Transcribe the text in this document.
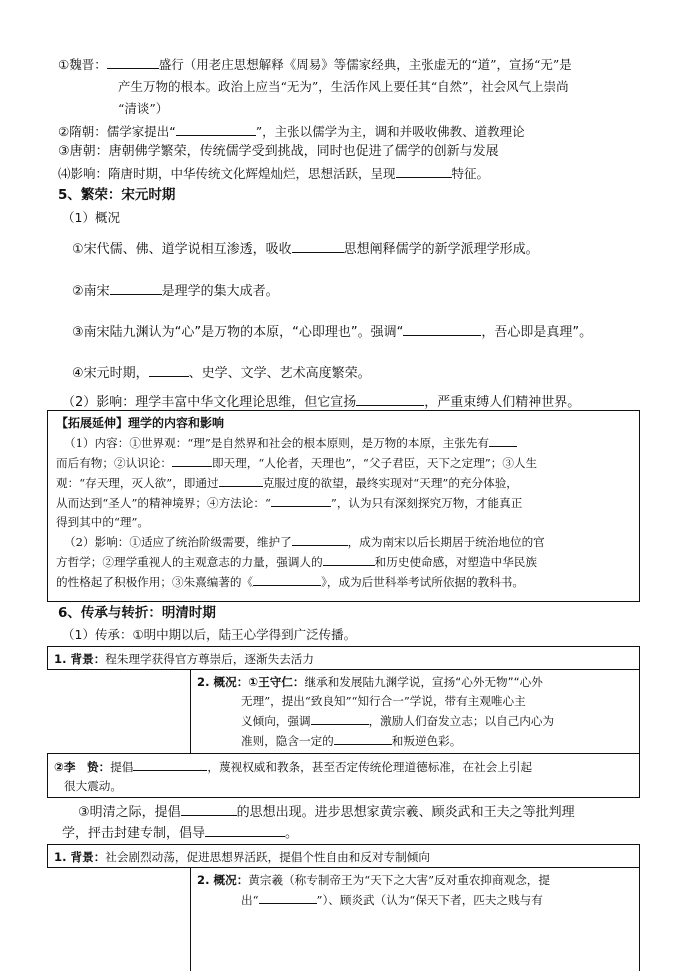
①魏晋：	盛行（用老庄思想解释《周易》等儒家经典，主张虚无的“道”，宣扬“无”是
产生万物的根本。政治上应当“无为”，生活作风上要任其“自然”，社会风气上崇尚
“清谈”）
②隋朝：儒学家提出“	”，主张以儒学为主，调和并吸收佛教、道教理论
③唐朝：唐朝佛学繁荣，传统儒学受到挑战，同时也促进了儒学的创新与发展
⑷影响：隋唐时期，中华传统文化辉煌灿烂，思想活跃，呈现	特征。
5、繁荣：宋元时期
（1）概况
①宋代儒、佛、道学说相互渗透，吸收	思想阐释儒学的新学派理学形成。
②南宋	是理学的集大成者。
③南宋陆九渊认为“心”是万物的本原，“心即理也”。强调“	，吾心即是真理”。
④宋元时期，	、史学、文学、艺术高度繁荣。
（2）影响：理学丰富中华文化理论思维，但它宣扬	，严重束缚人们精神世界。

【拓展延伸】理学的内容和影响

（1）内容：①世界观：“理”是自然界和社会的根本原则，是万物的本原，主张先有

而后有物；②认识论：	即天理，“人伦者，天理也”，“父子君臣，天下之定理”；③人生

观：“存天理，灭人欲”，即通过	克服过度的欲望，最终实现对“天理”的充分体验，

从而达到“圣人”的精神境界；④方法论：“	”，认为只有深刻探究万物，才能真正

得到其中的“理”。

（2）影响：①适应了统治阶级需要，维护了	，成为南宋以后长期居于统治地位的官

方哲学；②理学重视人的主观意志的力量，强调人的	和历史使命感，对塑造中华民族

的性格起了积极作用；③朱熹编著的《	》，成为后世科举考试所依据的教科书。

6、传承与转折：明清时期
（1）传承：①明中期以后，陆王心学得到广泛传播。
1. 背景：程朱理学获得官方尊崇后，逐渐失去活力
2. 概况：①王守仁：继承和发展陆九渊学说，宣扬“心外无物”“心外
无理”，提出“致良知”“知行合一”学说，带有主观唯心主
义倾向，强调	，激励人们奋发立志；以自己内心为
准则，隐含一定的	和叛逆色彩。
②李　贽：提倡	，蔑视权威和教条，甚至否定传统伦理道德标准，在社会上引起
很大震动。
③明清之际，提倡	的思想出现。进步思想家黄宗羲、顾炎武和王夫之等批判理
学，抨击封建专制，倡导	。
1. 背景：社会剧烈动荡，促进思想界活跃，提倡个性自由和反对专制倾向
2. 概况：黄宗羲（称专制帝王为“天下之大害”反对重农抑商观念，提
出“	”）、顾炎武（认为“保天下者，匹夫之贱与有
